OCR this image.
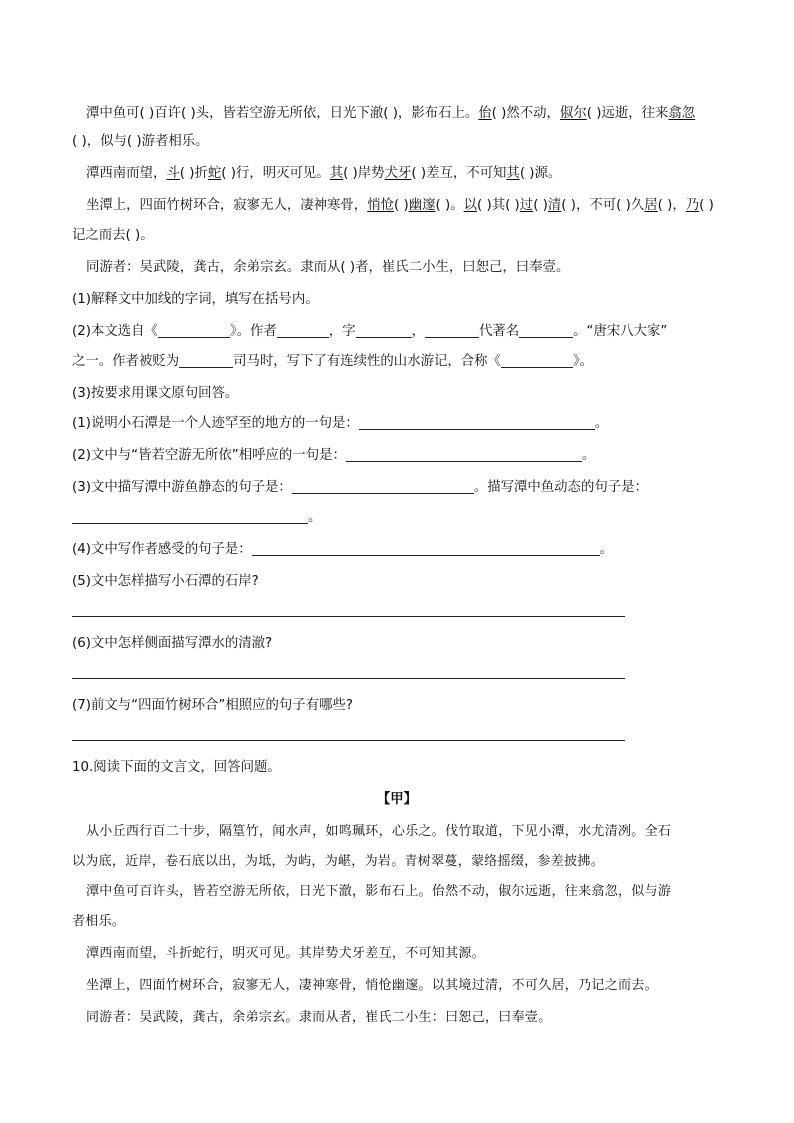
潭中鱼可( )百许( )头，皆若空游无所依，日光下澈( )，影布石上。佁( )然不动，俶尔( )远逝，往来翕忽
( )，似与( )游者相乐。
潭西南而望，斗( )折蛇( )行，明灭可见。其( )岸势犬牙( )差互，不可知其( )源。
坐潭上，四面竹树环合，寂寥无人，凄神寒骨，悄怆( )幽邃( )。以( )其( )过( )清( )，不可( )久居( )，乃( )
记之而去( )。
同游者：吴武陵，龚古，余弟宗玄。隶而从( )者，崔氏二小生，曰恕己，曰奉壹。
(1)解释文中加线的字词，填写在括号内。
(2)本文选自《	》。作者	，字	，	代著名	。“唐宋八大家”
之一。作者被贬为	司马时，写下了有连续性的山水游记，合称《	》。
(3)按要求用课文原句回答。
(1)说明小石潭是一个人迹罕至的地方的一句是：	。
(2)文中与“皆若空游无所依”相呼应的一句是：	。
(3)文中描写潭中游鱼静态的句子是：	。描写潭中鱼动态的句子是：
。
(4)文中写作者感受的句子是：	。
(5)文中怎样描写小石潭的石岸?
(6)文中怎样侧面描写潭水的清澈?
(7)前文与“四面竹树环合”相照应的句子有哪些?
10.阅读下面的文言文，回答问题。
【甲】
从小丘西行百二十步，隔篁竹，闻水声，如鸣珮环，心乐之。伐竹取道，下见小潭，水尤清冽。全石
以为底，近岸，卷石底以出，为坻，为屿，为嵁，为岩。青树翠蔓，蒙络摇缀，参差披拂。
潭中鱼可百许头，皆若空游无所依，日光下澈，影布石上。佁然不动，俶尔远逝，往来翕忽，似与游
者相乐。
潭西南而望，斗折蛇行，明灭可见。其岸势犬牙差互，不可知其源。
坐潭上，四面竹树环合，寂寥无人，凄神寒骨，悄怆幽邃。以其境过清，不可久居，乃记之而去。
同游者：吴武陵，龚古，余弟宗玄。隶而从者，崔氏二小生：曰恕己，曰奉壹。
